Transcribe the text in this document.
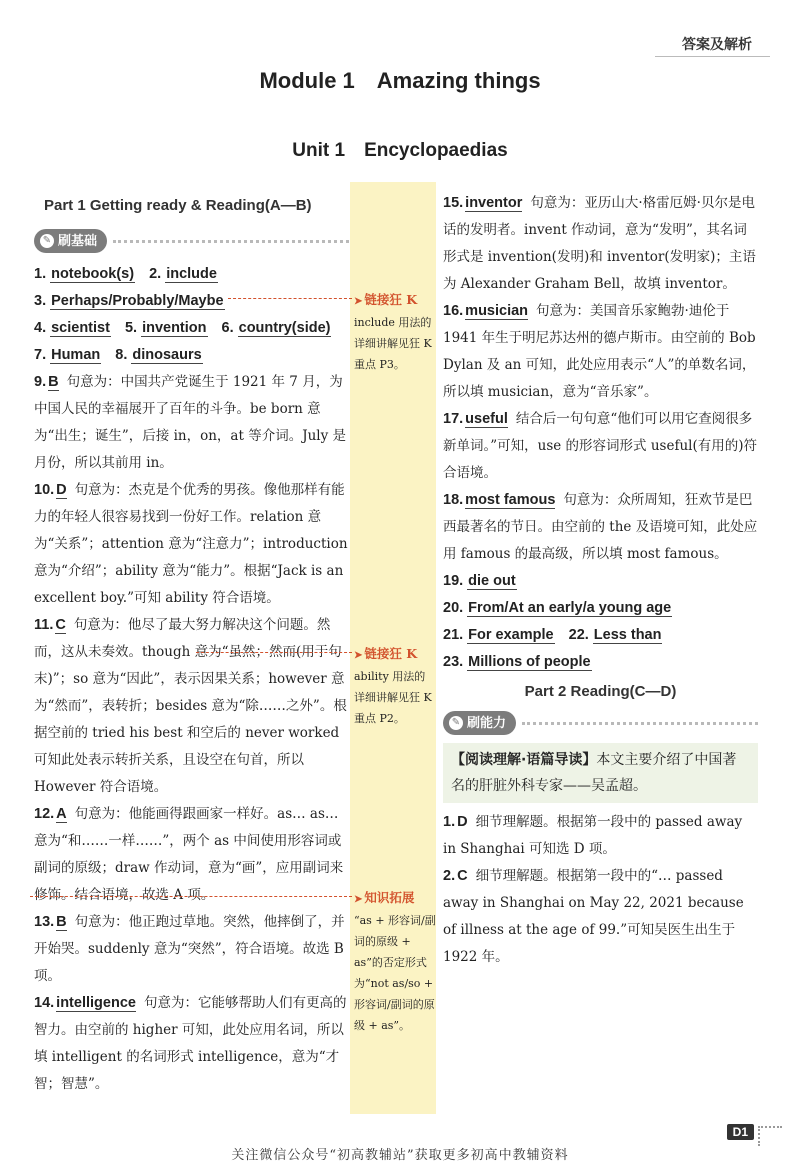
答案及解析
Module 1　Amazing things
Unit 1　Encyclopaedias
Part 1 Getting ready & Reading(A—B)
✎ 刷基础
1. notebook(s) 2. include
3. Perhaps/Probably/Maybe
4. scientist 5. invention 6. country(side)
7. Human 8. dinosaurs
9. B 句意为：中国共产党诞生于 1921 年 7 月，为中国人民的幸福展开了百年的斗争。be born 意为“出生；诞生”，后接 in，on，at 等介词。July 是月份，所以其前用 in。
10. D 句意为：杰克是个优秀的男孩。像他那样有能力的年轻人很容易找到一份好工作。relation 意为“关系”；attention 意为“注意力”；introduction 意为“介绍”；ability 意为“能力”。根据“Jack is an excellent boy.”可知 ability 符合语境。
11. C 句意为：他尽了最大努力解决这个问题。然而，这从未奏效。though 意为“虽然；然而(用于句末)”；so 意为“因此”，表示因果关系；however 意为“然而”，表转折；besides 意为“除……之外”。根据空前的 tried his best 和空后的 never worked 可知此处表示转折关系，且设空在句首，所以 However 符合语境。
12. A 句意为：他能画得跟画家一样好。as… as… 意为“和……一样……”，两个 as 中间使用形容词或副词的原级；draw 作动词，意为“画”，应用副词来修饰。结合语境，故选 A 项。
13. B 句意为：他正跑过草地。突然，他摔倒了，并开始哭。suddenly 意为“突然”，符合语境。故选 B 项。
14. intelligence 句意为：它能够帮助人们有更高的智力。由空前的 higher 可知，此处应用名词，所以填 intelligent 的名词形式 intelligence，意为“才智；智慧”。
➤ 链接狂 K
include 用法的详细讲解见狂 K 重点 P3。
➤ 链接狂 K
ability 用法的详细讲解见狂 K 重点 P2。
➤ 知识拓展
“as + 形容词/副词的原级 + as”的否定形式为“not as/so + 形容词/副词的原级 + as”。
15. inventor 句意为：亚历山大·格雷厄姆·贝尔是电话的发明者。invent 作动词，意为“发明”，其名词形式是 invention(发明)和 inventor(发明家)；主语为 Alexander Graham Bell，故填 inventor。
16. musician 句意为：美国音乐家鲍勃·迪伦于 1941 年生于明尼苏达州的德卢斯市。由空前的 Bob Dylan 及 an 可知，此处应用表示“人”的单数名词，所以填 musician，意为“音乐家”。
17. useful 结合后一句句意“他们可以用它查阅很多新单词。”可知，use 的形容词形式 useful(有用的)符合语境。
18. most famous 句意为：众所周知，狂欢节是巴西最著名的节日。由空前的 the 及语境可知，此处应用 famous 的最高级，所以填 most famous。
19. die out
20. From/At an early/a young age
21. For example 22. Less than
23. Millions of people
Part 2 Reading(C—D)
✎ 刷能力
【阅读理解·语篇导读】本文主要介绍了中国著名的肝脏外科专家——吴孟超。
1. D 细节理解题。根据第一段中的 passed away in Shanghai 可知选 D 项。
2. C 细节理解题。根据第一段中的“… passed away in Shanghai on May 22, 2021 because of illness at the age of 99.”可知吴医生出生于 1922 年。
D1
关注微信公众号“初高教辅站”获取更多初高中教辅资料
